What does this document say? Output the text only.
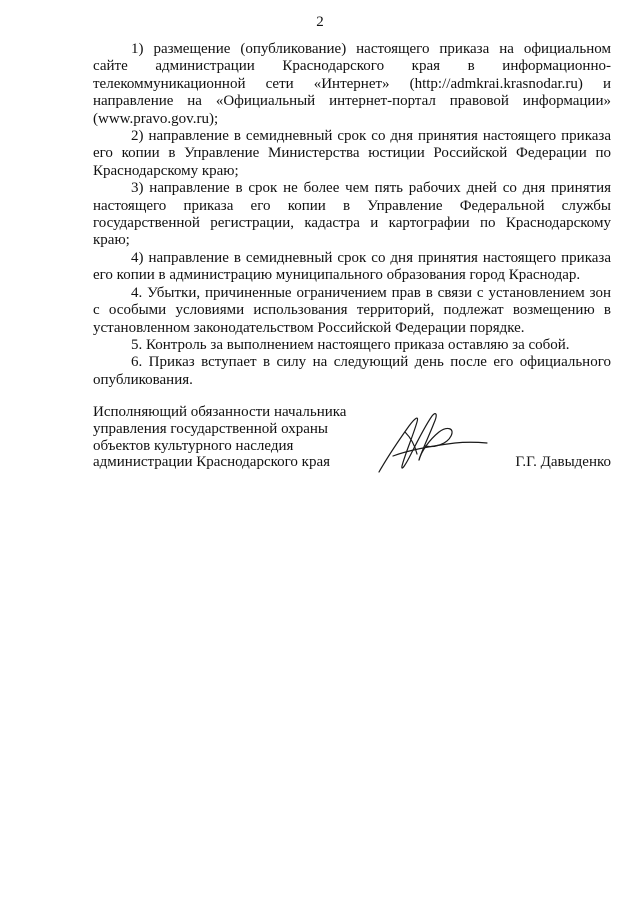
2

1) размещение (опубликование) настоящего приказа на официальном сайте администрации Краснодарского края в информационно-телекоммуникационной сети «Интернет» (http://admkrai.krasnodar.ru) и направление на «Официальный интернет-портал правовой информации» (www.pravo.gov.ru);

2) направление в семидневный срок со дня принятия настоящего приказа его копии в Управление Министерства юстиции Российской Федерации по Краснодарскому краю;

3) направление в срок не более чем пять рабочих дней со дня принятия настоящего приказа его копии в Управление Федеральной службы государственной регистрации, кадастра и картографии по Краснодарскому краю;

4) направление в семидневный срок со дня принятия настоящего приказа его копии в администрацию муниципального образования город Краснодар.

4. Убытки, причиненные ограничением прав в связи с установлением зон с особыми условиями использования территорий, подлежат возмещению в установленном законодательством Российской Федерации порядке.

5. Контроль за выполнением настоящего приказа оставляю за собой.

6. Приказ вступает в силу на следующий день после его официального опубликования.

Исполняющий обязанности начальника
управления государственной охраны
объектов культурного наследия
администрации Краснодарского края	Г.Г. Давыденко
